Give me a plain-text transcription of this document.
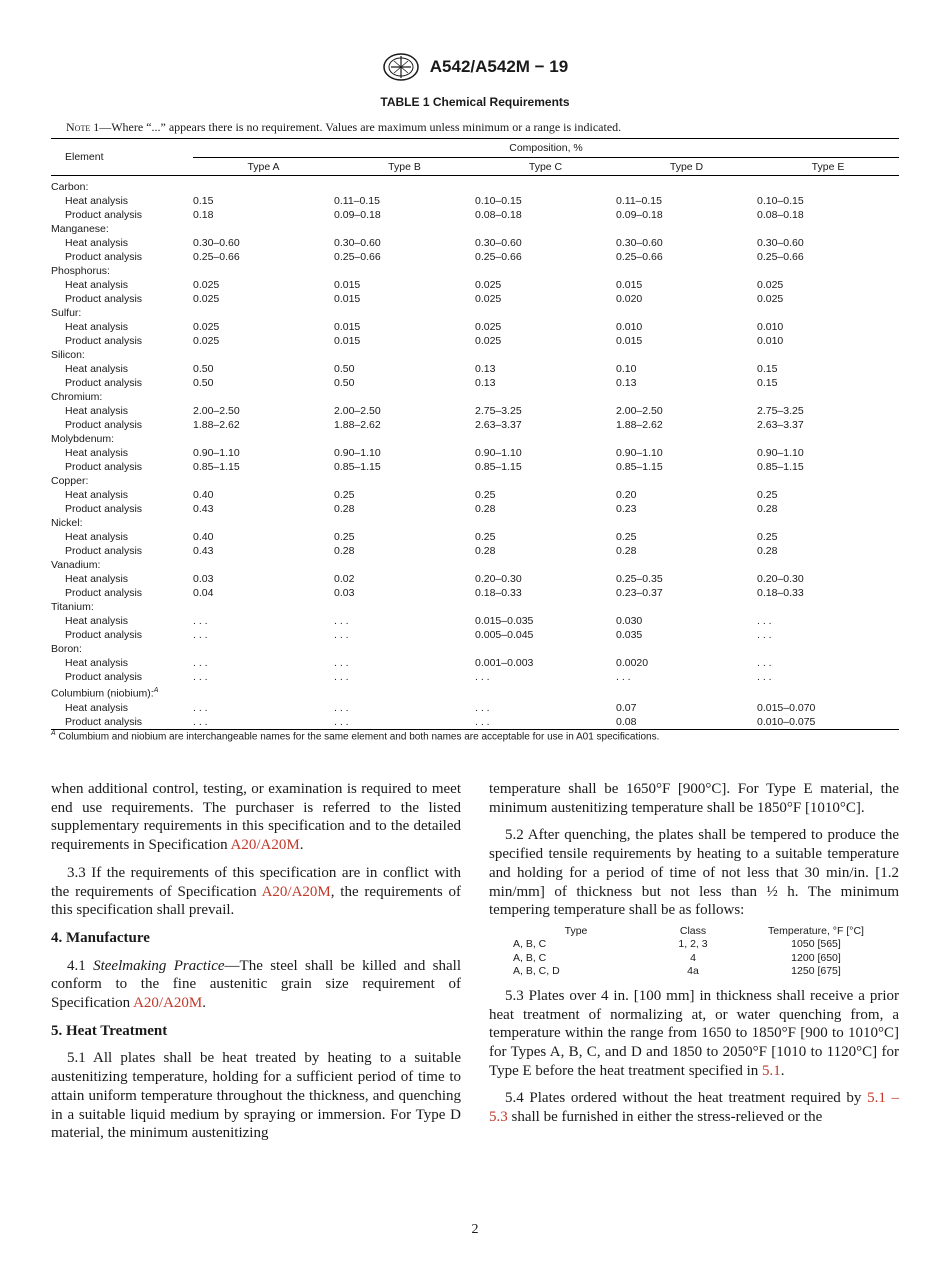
A542/A542M − 19
TABLE 1 Chemical Requirements
Note 1—Where “...” appears there is no requirement. Values are maximum unless minimum or a range is indicated.
Element	Composition, %				
	Type A	Type B	Type C	Type D	Type E
Carbon:					
Heat analysis	0.15	0.11–0.15	0.10–0.15	0.11–0.15	0.10–0.15
Product analysis	0.18	0.09–0.18	0.08–0.18	0.09–0.18	0.08–0.18
Manganese:					
Heat analysis	0.30–0.60	0.30–0.60	0.30–0.60	0.30–0.60	0.30–0.60
Product analysis	0.25–0.66	0.25–0.66	0.25–0.66	0.25–0.66	0.25–0.66
Phosphorus:					
Heat analysis	0.025	0.015	0.025	0.015	0.025
Product analysis	0.025	0.015	0.025	0.020	0.025
Sulfur:					
Heat analysis	0.025	0.015	0.025	0.010	0.010
Product analysis	0.025	0.015	0.025	0.015	0.010
Silicon:					
Heat analysis	0.50	0.50	0.13	0.10	0.15
Product analysis	0.50	0.50	0.13	0.13	0.15
Chromium:					
Heat analysis	2.00–2.50	2.00–2.50	2.75–3.25	2.00–2.50	2.75–3.25
Product analysis	1.88–2.62	1.88–2.62	2.63–3.37	1.88–2.62	2.63–3.37
Molybdenum:					
Heat analysis	0.90–1.10	0.90–1.10	0.90–1.10	0.90–1.10	0.90–1.10
Product analysis	0.85–1.15	0.85–1.15	0.85–1.15	0.85–1.15	0.85–1.15
Copper:					
Heat analysis	0.40	0.25	0.25	0.20	0.25
Product analysis	0.43	0.28	0.28	0.23	0.28
Nickel:					
Heat analysis	0.40	0.25	0.25	0.25	0.25
Product analysis	0.43	0.28	0.28	0.28	0.28
Vanadium:					
Heat analysis	0.03	0.02	0.20–0.30	0.25–0.35	0.20–0.30
Product analysis	0.04	0.03	0.18–0.33	0.23–0.37	0.18–0.33
Titanium:					
Heat analysis	. . .	. . .	0.015–0.035	0.030	. . .
Product analysis	. . .	. . .	0.005–0.045	0.035	. . .
Boron:					
Heat analysis	. . .	. . .	0.001–0.003	0.0020	. . .
Product analysis	. . .	. . .	. . .	. . .	. . .
Columbium (niobium):$^A$					
Heat analysis	. . .	. . .	. . .	0.07	0.015–0.070
Product analysis	. . .	. . .	. . .	0.08	0.010–0.075
$^A$ Columbium and niobium are interchangeable names for the same element and both names are acceptable for use in A01 specifications.

when additional control, testing, or examination is required to meet end use requirements. The purchaser is referred to the listed supplementary requirements in this specification and to the detailed requirements in Specification A20/A20M.

3.3 If the requirements of this specification are in conflict with the requirements of Specification A20/A20M, the requirements of this specification shall prevail.

4. Manufacture

4.1 Steelmaking Practice—The steel shall be killed and shall conform to the fine austenitic grain size requirement of Specification A20/A20M.

5. Heat Treatment

5.1 All plates shall be heat treated by heating to a suitable austenitizing temperature, holding for a sufficient period of time to attain uniform temperature throughout the thickness, and quenching in a suitable liquid medium by spraying or immersion. For Type D material, the minimum austenitizing

temperature shall be 1650°F [900°C]. For Type E material, the minimum austenitizing temperature shall be 1850°F [1010°C].

5.2 After quenching, the plates shall be tempered to produce the specified tensile requirements by heating to a suitable temperature and holding for a period of time of not less that 30 min/in. [1.2 min/mm] of thickness but not less than ½ h. The minimum tempering temperature shall be as follows:

Type	Class	Temperature, °F [°C]
A, B, C	1, 2, 3	1050 [565]
A, B, C	4	1200 [650]
A, B, C, D	4a	1250 [675]

5.3 Plates over 4 in. [100 mm] in thickness shall receive a prior heat treatment of normalizing at, or water quenching from, a temperature within the range from 1650 to 1850°F [900 to 1010°C] for Types A, B, C, and D and 1850 to 2050°F [1010 to 1120°C] for Type E before the heat treatment specified in 5.1.

5.4 Plates ordered without the heat treatment required by 5.1 – 5.3 shall be furnished in either the stress-relieved or the

2
